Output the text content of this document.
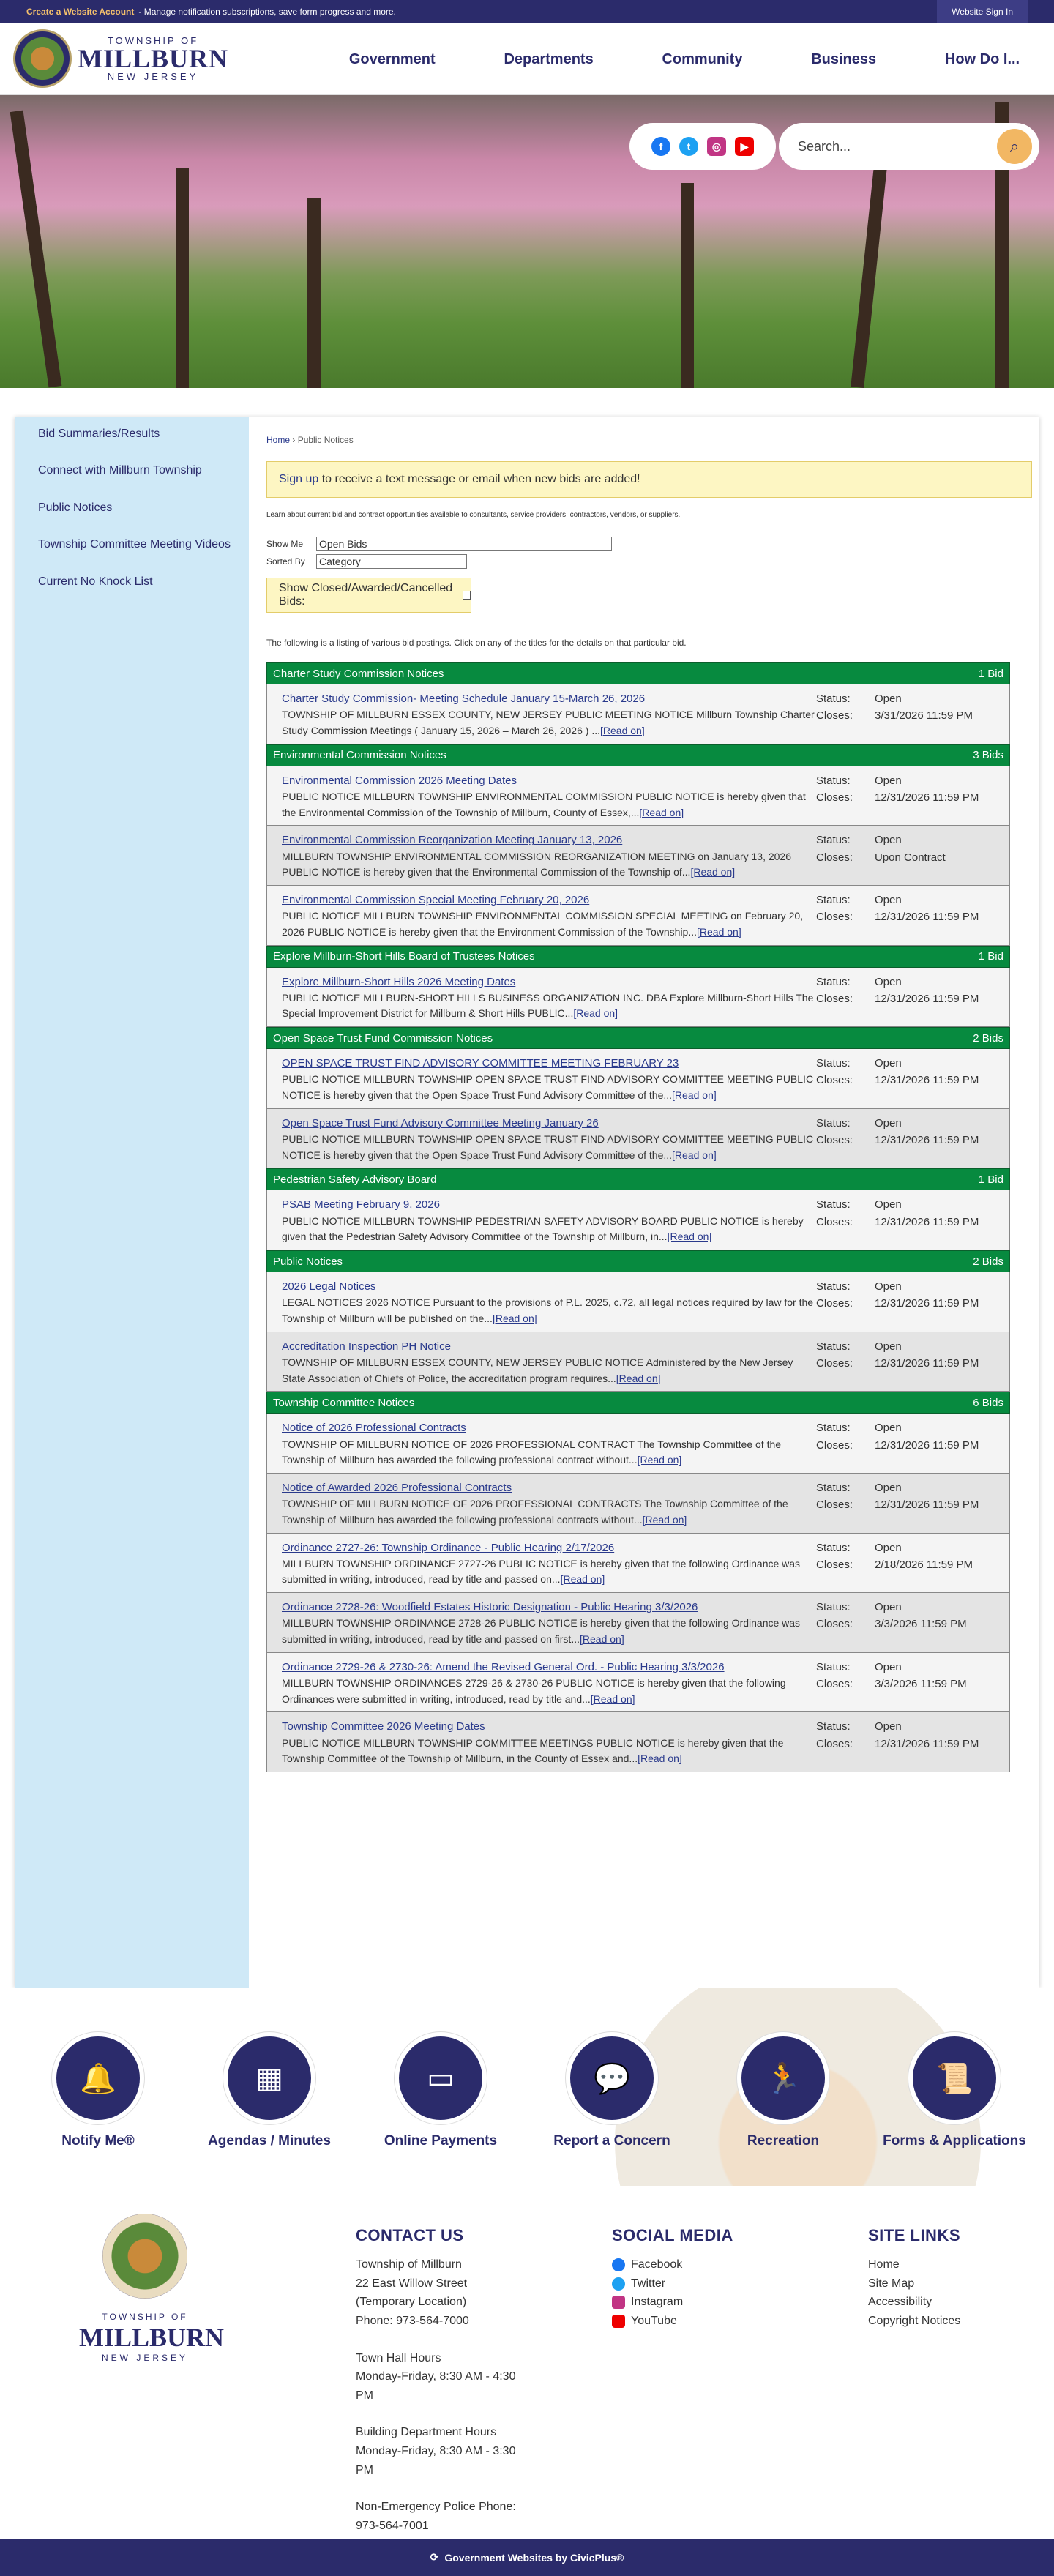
Create a Website Account - Manage notification subscriptions, save form progress and more.	Website Sign In
TOWNSHIP OF
MILLBURN
NEW JERSEY
Government	Departments	Community	Business	How Do I...
f	t	◎	▶	Search...	⌕
Bid Summaries/Results
Connect with Millburn Township
Public Notices
Township Committee Meeting Videos
Current No Knock List
Home › Public Notices
Sign up to receive a text message or email when new bids are added!
Learn about current bid and contract opportunities available to consultants, service providers, contractors, vendors, or suppliers.
Show Me	Open Bids
Sorted By	Category
Show Closed/Awarded/Cancelled Bids:
The following is a listing of various bid postings. Click on any of the titles for the details on that particular bid.
Charter Study Commission Notices	1 Bid
Charter Study Commission- Meeting Schedule January 15-March 26, 2026
TOWNSHIP OF MILLBURN ESSEX COUNTY, NEW JERSEY PUBLIC MEETING NOTICE Millburn Township Charter Study Commission Meetings ( January 15, 2026 – March 26, 2026 ) ...[Read on]
Status: Open
Closes: 3/31/2026 11:59 PM
Environmental Commission Notices	3 Bids
Environmental Commission 2026 Meeting Dates
PUBLIC NOTICE MILLBURN TOWNSHIP ENVIRONMENTAL COMMISSION PUBLIC NOTICE is hereby given that the Environmental Commission of the Township of Millburn, County of Essex,...[Read on]
Status: Open
Closes: 12/31/2026 11:59 PM
Environmental Commission Reorganization Meeting January 13, 2026
MILLBURN TOWNSHIP ENVIRONMENTAL COMMISSION REORGANIZATION MEETING on January 13, 2026 PUBLIC NOTICE is hereby given that the Environmental Commission of the Township of...[Read on]
Status: Open
Closes: Upon Contract
Environmental Commission Special Meeting February 20, 2026
PUBLIC NOTICE MILLBURN TOWNSHIP ENVIRONMENTAL COMMISSION SPECIAL MEETING on February 20, 2026 PUBLIC NOTICE is hereby given that the Environment Commission of the Township...[Read on]
Status: Open
Closes: 12/31/2026 11:59 PM
Explore Millburn-Short Hills Board of Trustees Notices	1 Bid
Explore Millburn-Short Hills 2026 Meeting Dates
PUBLIC NOTICE MILLBURN-SHORT HILLS BUSINESS ORGANIZATION INC. DBA Explore Millburn-Short Hills The Special Improvement District for Millburn & Short Hills PUBLIC...[Read on]
Status: Open
Closes: 12/31/2026 11:59 PM
Open Space Trust Fund Commission Notices	2 Bids
OPEN SPACE TRUST FIND ADVISORY COMMITTEE MEETING FEBRUARY 23
PUBLIC NOTICE MILLBURN TOWNSHIP OPEN SPACE TRUST FIND ADVISORY COMMITTEE MEETING PUBLIC NOTICE is hereby given that the Open Space Trust Fund Advisory Committee of the...[Read on]
Status: Open
Closes: 12/31/2026 11:59 PM
Open Space Trust Fund Advisory Committee Meeting January 26
PUBLIC NOTICE MILLBURN TOWNSHIP OPEN SPACE TRUST FIND ADVISORY COMMITTEE MEETING PUBLIC NOTICE is hereby given that the Open Space Trust Fund Advisory Committee of the...[Read on]
Status: Open
Closes: 12/31/2026 11:59 PM
Pedestrian Safety Advisory Board	1 Bid
PSAB Meeting February 9, 2026
PUBLIC NOTICE MILLBURN TOWNSHIP PEDESTRIAN SAFETY ADVISORY BOARD PUBLIC NOTICE is hereby given that the Pedestrian Safety Advisory Committee of the Township of Millburn, in...[Read on]
Status: Open
Closes: 12/31/2026 11:59 PM
Public Notices	2 Bids
2026 Legal Notices
LEGAL NOTICES 2026 NOTICE Pursuant to the provisions of P.L. 2025, c.72, all legal notices required by law for the Township of Millburn will be published on the...[Read on]
Status: Open
Closes: 12/31/2026 11:59 PM
Accreditation Inspection PH Notice
TOWNSHIP OF MILLBURN ESSEX COUNTY, NEW JERSEY PUBLIC NOTICE Administered by the New Jersey State Association of Chiefs of Police, the accreditation program requires...[Read on]
Status: Open
Closes: 12/31/2026 11:59 PM
Township Committee Notices	6 Bids
Notice of 2026 Professional Contracts
TOWNSHIP OF MILLBURN NOTICE OF 2026 PROFESSIONAL CONTRACT The Township Committee of the Township of Millburn has awarded the following professional contract without...[Read on]
Status: Open
Closes: 12/31/2026 11:59 PM
Notice of Awarded 2026 Professional Contracts
TOWNSHIP OF MILLBURN NOTICE OF 2026 PROFESSIONAL CONTRACTS The Township Committee of the Township of Millburn has awarded the following professional contracts without...[Read on]
Status: Open
Closes: 12/31/2026 11:59 PM
Ordinance 2727-26: Township Ordinance - Public Hearing 2/17/2026
MILLBURN TOWNSHIP ORDINANCE 2727-26 PUBLIC NOTICE is hereby given that the following Ordinance was submitted in writing, introduced, read by title and passed on...[Read on]
Status: Open
Closes: 2/18/2026 11:59 PM
Ordinance 2728-26: Woodfield Estates Historic Designation - Public Hearing 3/3/2026
MILLBURN TOWNSHIP ORDINANCE 2728-26 PUBLIC NOTICE is hereby given that the following Ordinance was submitted in writing, introduced, read by title and passed on first...[Read on]
Status: Open
Closes: 3/3/2026 11:59 PM
Ordinance 2729-26 & 2730-26: Amend the Revised General Ord. - Public Hearing 3/3/2026
MILLBURN TOWNSHIP ORDINANCES 2729-26 & 2730-26 PUBLIC NOTICE is hereby given that the following Ordinances were submitted in writing, introduced, read by title and...[Read on]
Status: Open
Closes: 3/3/2026 11:59 PM
Township Committee 2026 Meeting Dates
PUBLIC NOTICE MILLBURN TOWNSHIP COMMITTEE MEETINGS PUBLIC NOTICE is hereby given that the Township Committee of the Township of Millburn, in the County of Essex and...[Read on]
Status: Open
Closes: 12/31/2026 11:59 PM
🔔
Notify Me®
▦
Agendas / Minutes
▭
Online Payments
💬
Report a Concern
🏃
Recreation
📜
Forms & Applications
TOWNSHIP OF
MILLBURN
NEW JERSEY
CONTACT US
Township of Millburn
22 East Willow Street
(Temporary Location)
Phone: 973-564-7000
Town Hall Hours
Monday-Friday, 8:30 AM - 4:30
PM
Building Department Hours
Monday-Friday, 8:30 AM - 3:30
PM
Non-Emergency Police Phone:
973-564-7001
SOCIAL MEDIA
Facebook
Twitter
Instagram
YouTube
SITE LINKS
Home
Site Map
Accessibility
Copyright Notices
⟳ Government Websites by CivicPlus®
